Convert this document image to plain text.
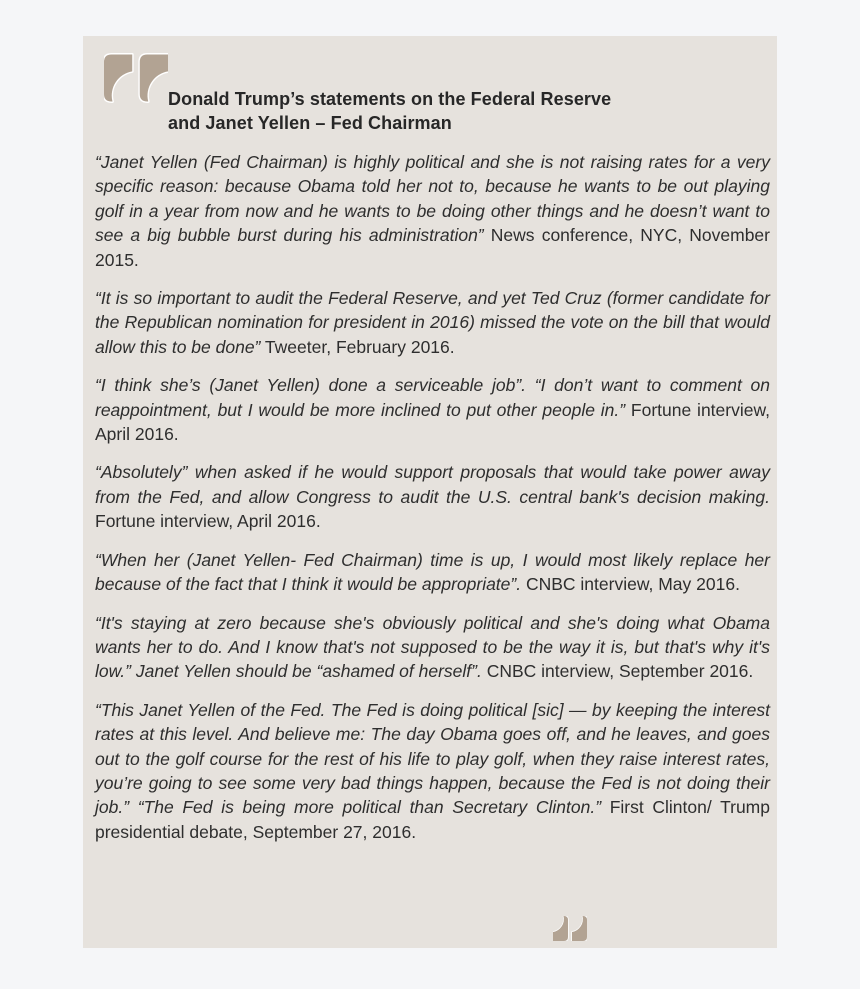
Donald Trump’s statements on the Federal Reserve
and Janet Yellen – Fed Chairman

“Janet Yellen (Fed Chairman) is highly political and she is not raising rates for a very specific reason: because Obama told her not to, because he wants to be out playing golf in a year from now and he wants to be doing other things and he doesn’t want to see a big bubble burst during his administration” News conference, NYC, November 2015.

“It is so important to audit the Federal Reserve, and yet Ted Cruz (former candidate for the Republican nomination for president in 2016) missed the vote on the bill that would allow this to be done” Tweeter, February 2016.

“I think she’s (Janet Yellen) done a serviceable job”. “I don’t want to comment on reappointment, but I would be more inclined to put other people in.” Fortune interview, April 2016.

“Absolutely” when asked if he would support proposals that would take power away from the Fed, and allow Congress to audit the U.S. central bank's decision making. Fortune interview, April 2016.

“When her (Janet Yellen- Fed Chairman) time is up, I would most likely replace her because of the fact that I think it would be appropriate”. CNBC interview, May 2016.

“It's staying at zero because she's obviously political and she's doing what Obama wants her to do. And I know that's not supposed to be the way it is, but that's why it's low.” Janet Yellen should be “ashamed of herself”. CNBC interview, September 2016.

“This Janet Yellen of the Fed. The Fed is doing political [sic] — by keeping the interest rates at this level. And believe me: The day Obama goes off, and he leaves, and goes out to the golf course for the rest of his life to play golf, when they raise interest rates, you’re going to see some very bad things happen, because the Fed is not doing their job.” “The Fed is being more political than Secretary Clinton.” First Clinton/ Trump presidential debate, September 27, 2016.
